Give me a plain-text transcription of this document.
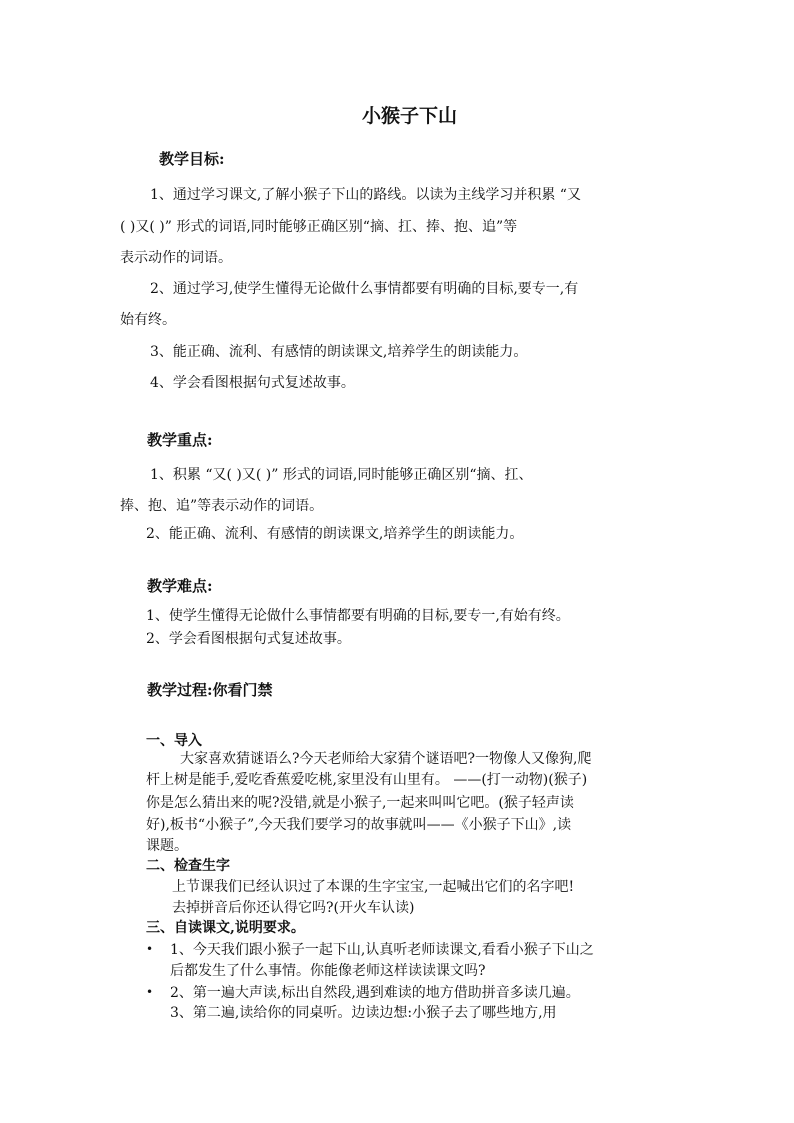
小猴子下山
教学目标:
1、通过学习课文,了解小猴子下山的路线。以读为主线学习并积累 “又
( )又( )” 形式的词语,同时能够正确区别“摘、扛、捧、抱、追”等
表示动作的词语。
2、通过学习,使学生懂得无论做什么事情都要有明确的目标,要专一,有
始有终。
3、能正确、流利、有感情的朗读课文,培养学生的朗读能力。
4、学会看图根据句式复述故事。
教学重点:
1、积累 “又( )又( )” 形式的词语,同时能够正确区别“摘、扛、
捧、抱、追”等表示动作的词语。
2、能正确、流利、有感情的朗读课文,培养学生的朗读能力。
教学难点:
1、使学生懂得无论做什么事情都要有明确的目标,要专一,有始有终。
2、学会看图根据句式复述故事。
教学过程:你看门禁
一、导入
大家喜欢猜谜语么?今天老师给大家猜个谜语吧?一物像人又像狗,爬
杆上树是能手,爱吃香蕉爱吃桃,家里没有山里有。 ——(打一动物)(猴子)
你是怎么猜出来的呢?没错,就是小猴子,一起来叫叫它吧。(猴子轻声读
好),板书“小猴子”,今天我们要学习的故事就叫——《小猴子下山》,读
课题。
二、检查生字
上节课我们已经认识过了本课的生字宝宝,一起喊出它们的名字吧!
去掉拼音后你还认得它吗?(开火车认读)
三、自读课文,说明要求。
• 1、今天我们跟小猴子一起下山,认真听老师读课文,看看小猴子下山之
后都发生了什么事情。你能像老师这样读读课文吗?
• 2、第一遍大声读,标出自然段,遇到难读的地方借助拼音多读几遍。
3、第二遍,读给你的同桌听。边读边想:小猴子去了哪些地方,用
